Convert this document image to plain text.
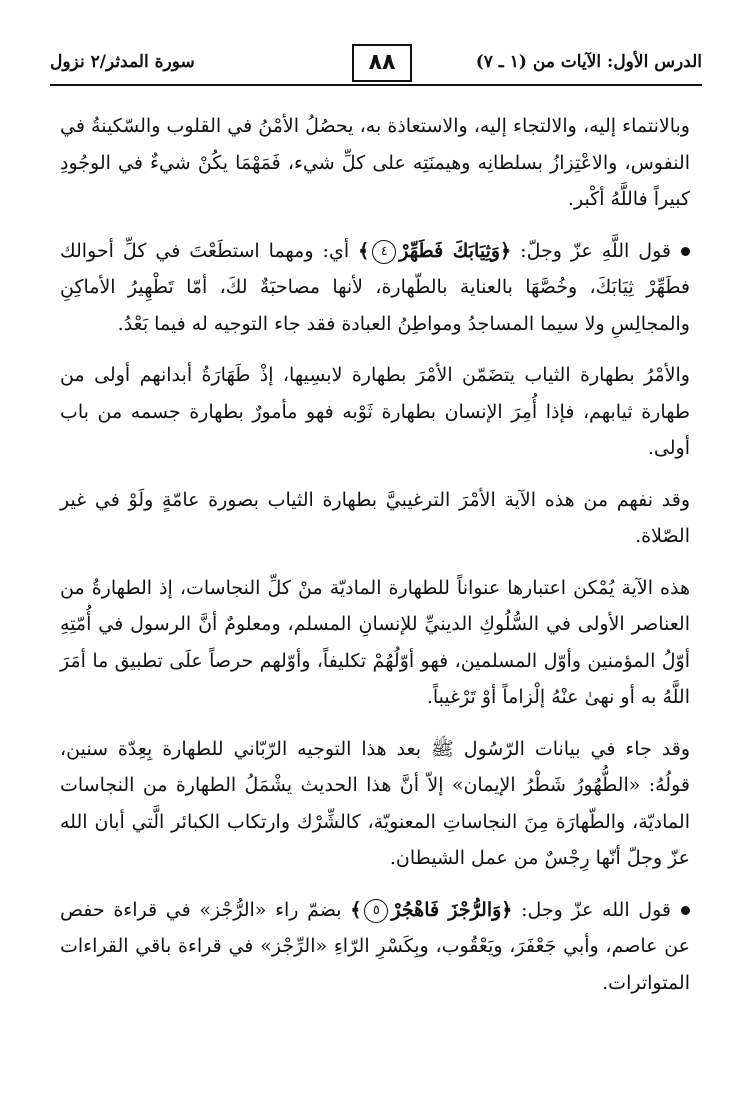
الدرس الأول: الآيات من (١ ـ ٧)
٨٨
سورة المدثر/٢ نزول

وبالانتماء إليه، والالتجاء إليه، والاستعاذة به، يحصُلُ الأمْنُ في القلوب والسّكينةُ في النفوس، والاعْتِزازُ بسلطانِه وهيمنَتِه على كلِّ شيء، فَمَهْمَا يكُنْ شيءٌ في الوجُودِ كبيراً فاللَّهُ أكْبر.

قول اللَّهِ عزّ وجلّ: ﴿وَثِيَابَكَ فَطَهِّرْ٤﴾ أي: ومهما استطَعْتَ في كلِّ أحوالك فطَهِّرْ ثِيَابَكَ، وخُصَّهَا بالعناية بالطّهارة، لأنها مصاحبَةٌ لكَ، أمّا تَطْهِيرُ الأماكِنِ والمجالِسِ ولا سيما المساجدُ ومواطِنُ العبادة فقد جاء التوجيه له فيما بَعْدُ.

والأمْرُ بطهارة الثياب يتضَمّن الأمْرَ بطهارة لابسِيها، إذْ طَهَارَةُ أبدانهم أولى من طهارة ثيابهم، فإذا أُمِرَ الإنسان بطهارة ثَوْبه فهو مأمورٌ بطهارة جسمه من باب أولى.

وقد نفهم من هذه الآية الأمْرَ الترغيبيَّ بطهارة الثياب بصورة عامّةٍ ولَوْ في غير الصّلاة.

هذه الآية يُمْكن اعتبارها عنواناً للطهارة الماديّة منْ كلِّ النجاسات، إذ الطهارةُ من العناصر الأولى في السُّلُوكِ الدينيِّ للإنسانِ المسلم، ومعلومٌ أنَّ الرسول في أُمّتِهِ أوّلُ المؤمنين وأوّل المسلمين، فهو أوّلُهُمْ تكليفاً، وأوّلهم حرصاً علَى تطبيق ما أمَرَ اللَّهُ به أو نهىٰ عنْهُ إلْزاماً أوْ تَرْغيباً.

وقد جاء في بيانات الرّسُول ﷺ بعد هذا التوجيه الرّبّاني للطهارة بِعِدّة سنين، قولُهُ: «الطُّهُورُ شَطْرُ الإيمان» إلاّ أنَّ هذا الحديث يشْمَلُ الطهارة من النجاسات الماديّة، والطّهارَة مِنَ النجاساتِ المعنويّة، كالشِّرْك وارتكاب الكبائر الَّتي أبان الله عزّ وجلّ أنّها رِجْسٌ من عمل الشيطان.

قول الله عزّ وجل: ﴿وَالرُّجْزَ فَاهْجُرْ٥﴾ بضمّ راء «الرُّجْز» في قراءة حفص عن عاصم، وأبي جَعْفَرَ، ويَعْقُوب، وبِكَسْرِ الرّاءِ «الرِّجْز» في قراءة باقي القراءات المتواترات.
